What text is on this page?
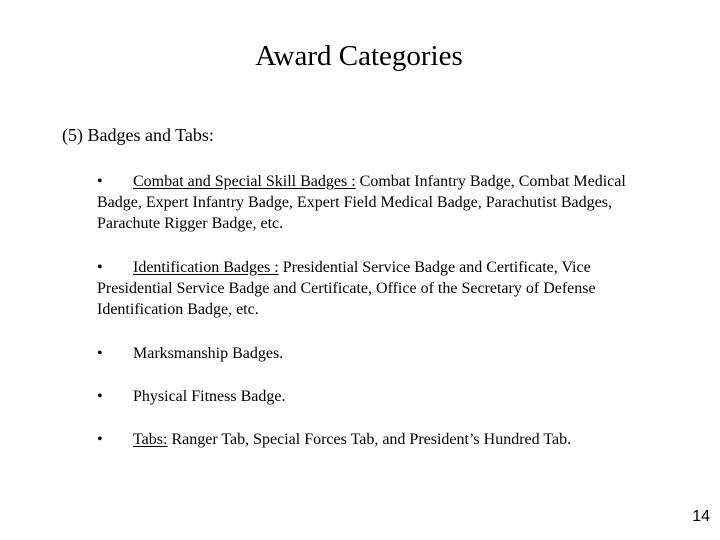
Award Categories
(5) Badges and Tabs:
• Combat and Special Skill Badges : Combat Infantry Badge, Combat Medical Badge, Expert Infantry Badge, Expert Field Medical Badge, Parachutist Badges, Parachute Rigger Badge, etc.
• Identification Badges : Presidential Service Badge and Certificate, Vice Presidential Service Badge and Certificate, Office of the Secretary of Defense Identification Badge, etc.
• Marksmanship Badges.
• Physical Fitness Badge.
• Tabs: Ranger Tab, Special Forces Tab, and President’s Hundred Tab.
14
